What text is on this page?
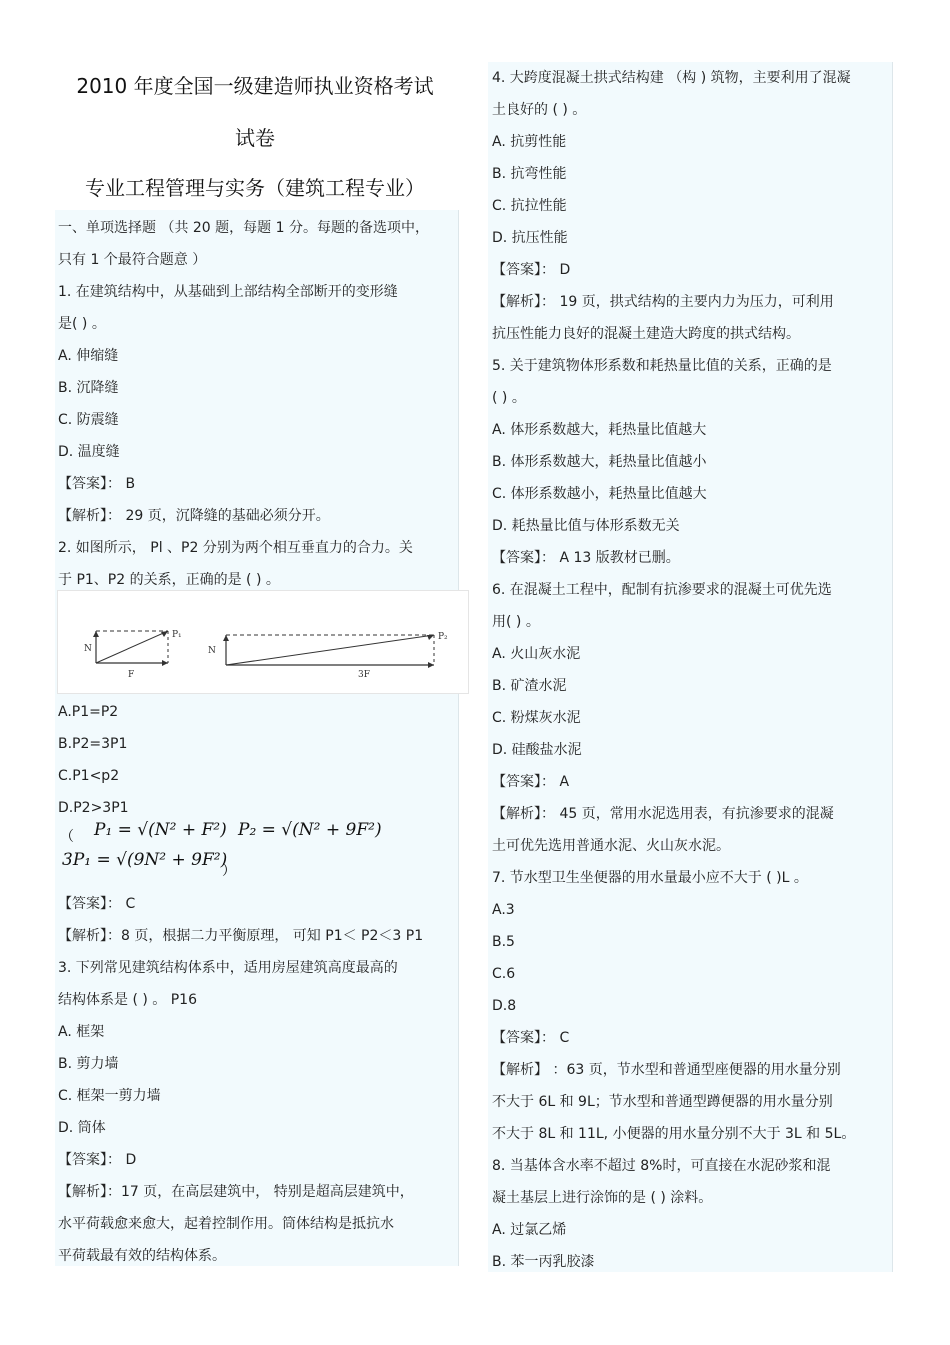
2010 年度全国一级建造师执业资格考试
试卷
专业工程管理与实务（建筑工程专业）
一、单项选择题 （共 20 题，每题 1 分。每题的备选项中，
只有 1 个最符合题意 ）
1. 在建筑结构中，从基础到上部结构全部断开的变形缝
是( ) 。
A. 伸缩缝
B. 沉降缝
C. 防震缝
D. 温度缝
【答案】： B
【解析】： 29 页，沉降缝的基础必须分开。
2. 如图所示， Pl 、P2 分别为两个相互垂直力的合力。关
于 P1、P2 的关系，正确的是 ( ) 。
N
F
P₁
N
3F
P₂
A.P1=P2
B.P2=3P1
C.P1<p2
D.P2>3P1
（ P₁ = √(N² + F²) P₂ = √(N² + 9F²)
3P₁ = √(9N² + 9F²)
）
【答案】： C
【解析】：8 页，根据二力平衡原理， 可知 P1＜ P2＜3 P1
3. 下列常见建筑结构体系中，适用房屋建筑高度最高的
结构体系是 ( ) 。 P16
A. 框架
B. 剪力墙
C. 框架一剪力墙
D. 筒体
【答案】： D
【解析】：17 页，在高层建筑中， 特别是超高层建筑中，
水平荷载愈来愈大，起着控制作用。筒体结构是抵抗水
平荷载最有效的结构体系。
4. 大跨度混凝土拱式结构建 （构 ) 筑物，主要利用了混凝
土良好的 ( ) 。
A. 抗剪性能
B. 抗弯性能
C. 抗拉性能
D. 抗压性能
【答案】： D
【解析】： 19 页，拱式结构的主要内力为压力，可利用
抗压性能力良好的混凝土建造大跨度的拱式结构。
5. 关于建筑物体形系数和耗热量比值的关系，正确的是
( ) 。
A. 体形系数越大，耗热量比值越大
B. 体形系数越大，耗热量比值越小
C. 体形系数越小，耗热量比值越大
D. 耗热量比值与体形系数无关
【答案】： A 13 版教材已删。
6. 在混凝土工程中，配制有抗渗要求的混凝土可优先选
用( ) 。
A. 火山灰水泥
B. 矿渣水泥
C. 粉煤灰水泥
D. 硅酸盐水泥
【答案】： A
【解析】： 45 页，常用水泥选用表，有抗渗要求的混凝
土可优先选用普通水泥、火山灰水泥。
7. 节水型卫生坐便器的用水量最小应不大于 ( )L 。
A.3
B.5
C.6
D.8
【答案】： C
【解析】 ：63 页，节水型和普通型座便器的用水量分别
不大于 6L 和 9L；节水型和普通型蹲便器的用水量分别
不大于 8L 和 11L, 小便器的用水量分别不大于 3L 和 5L。
8. 当基体含水率不超过 8%时，可直接在水泥砂浆和混
凝土基层上进行涂饰的是 ( ) 涂料。
A. 过氯乙烯
B. 苯一丙乳胶漆
